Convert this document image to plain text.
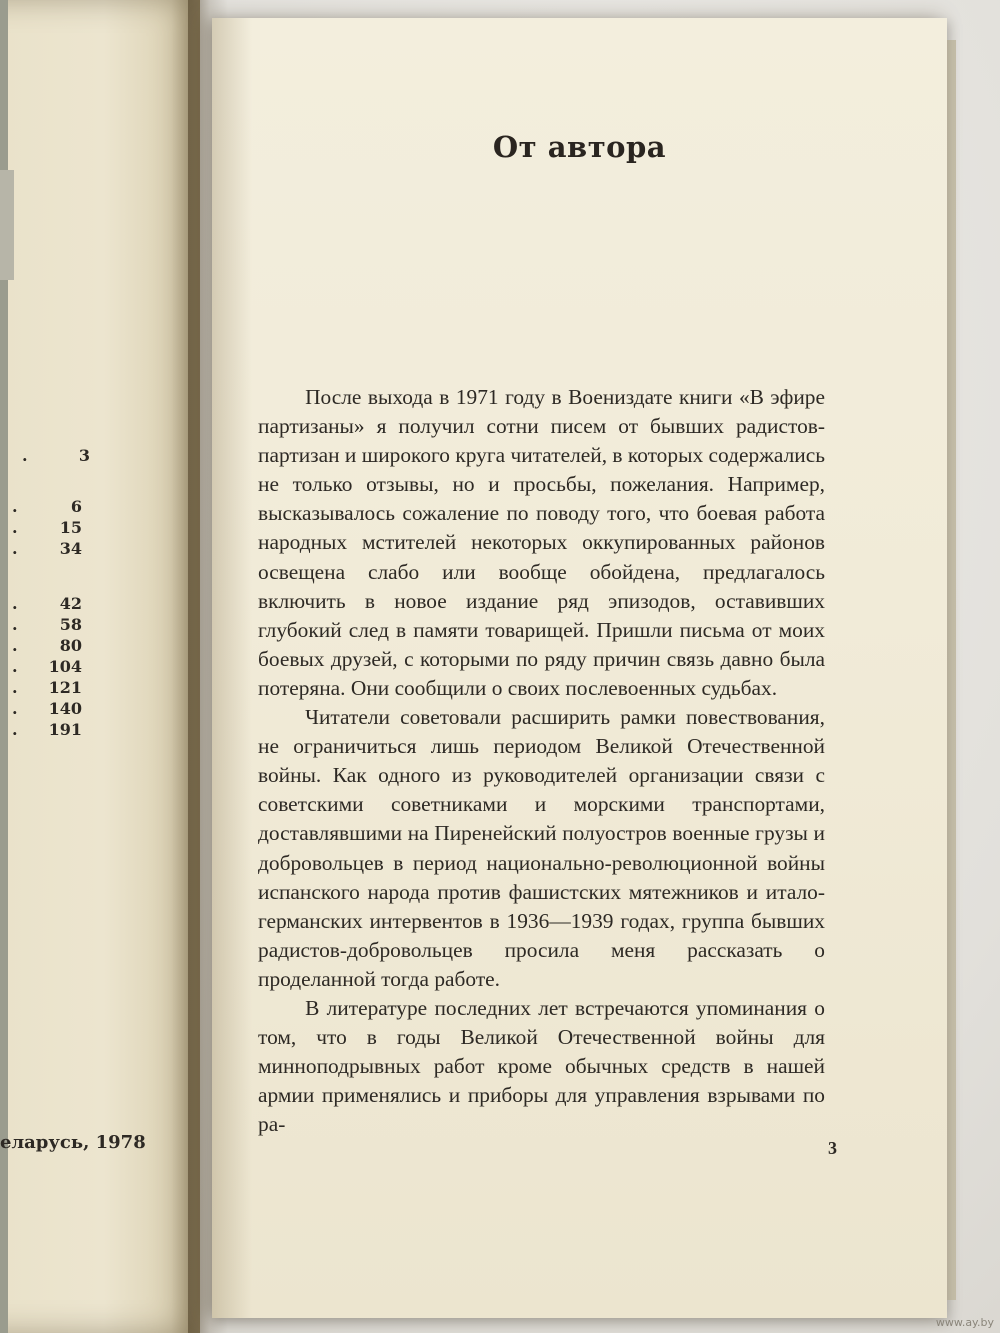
.	3
.	6
.	15
.	34
.	42
.	58
.	80
.	104
.	121
.	140
.	191
еларусь, 1978
От автора

После выхода в 1971 году в Воениздате книги «В эфире партизаны» я получил сотни писем от бывших радистов-партизан и широкого круга читателей, в которых содержались не только отзывы, но и просьбы, пожелания. Например, высказывалось сожаление по поводу того, что боевая работа народных мстителей некоторых оккупированных районов освещена слабо или вообще обойдена, предлагалось включить в новое издание ряд эпизодов, оставивших глубокий след в памяти товарищей. Пришли письма от моих боевых друзей, с которыми по ряду причин связь давно была потеряна. Они сообщили о своих послевоенных судьбах.

Читатели советовали расширить рамки повествования, не ограничиться лишь периодом Великой Отечественной войны. Как одного из руководителей организации связи с советскими советниками и морскими транспортами, доставлявшими на Пиренейский полуостров военные грузы и добровольцев в период национально-революционной войны испанского народа против фашистских мятежников и итало-германских интервентов в 1936—1939 годах, группа бывших радистов-добровольцев просила меня рассказать о проделанной тогда работе.

В литературе последних лет встречаются упоминания о том, что в годы Великой Отечественной войны для минноподрывных работ кроме обычных средств в нашей армии применялись и приборы для управления взрывами по ра-

3
www.ay.by
